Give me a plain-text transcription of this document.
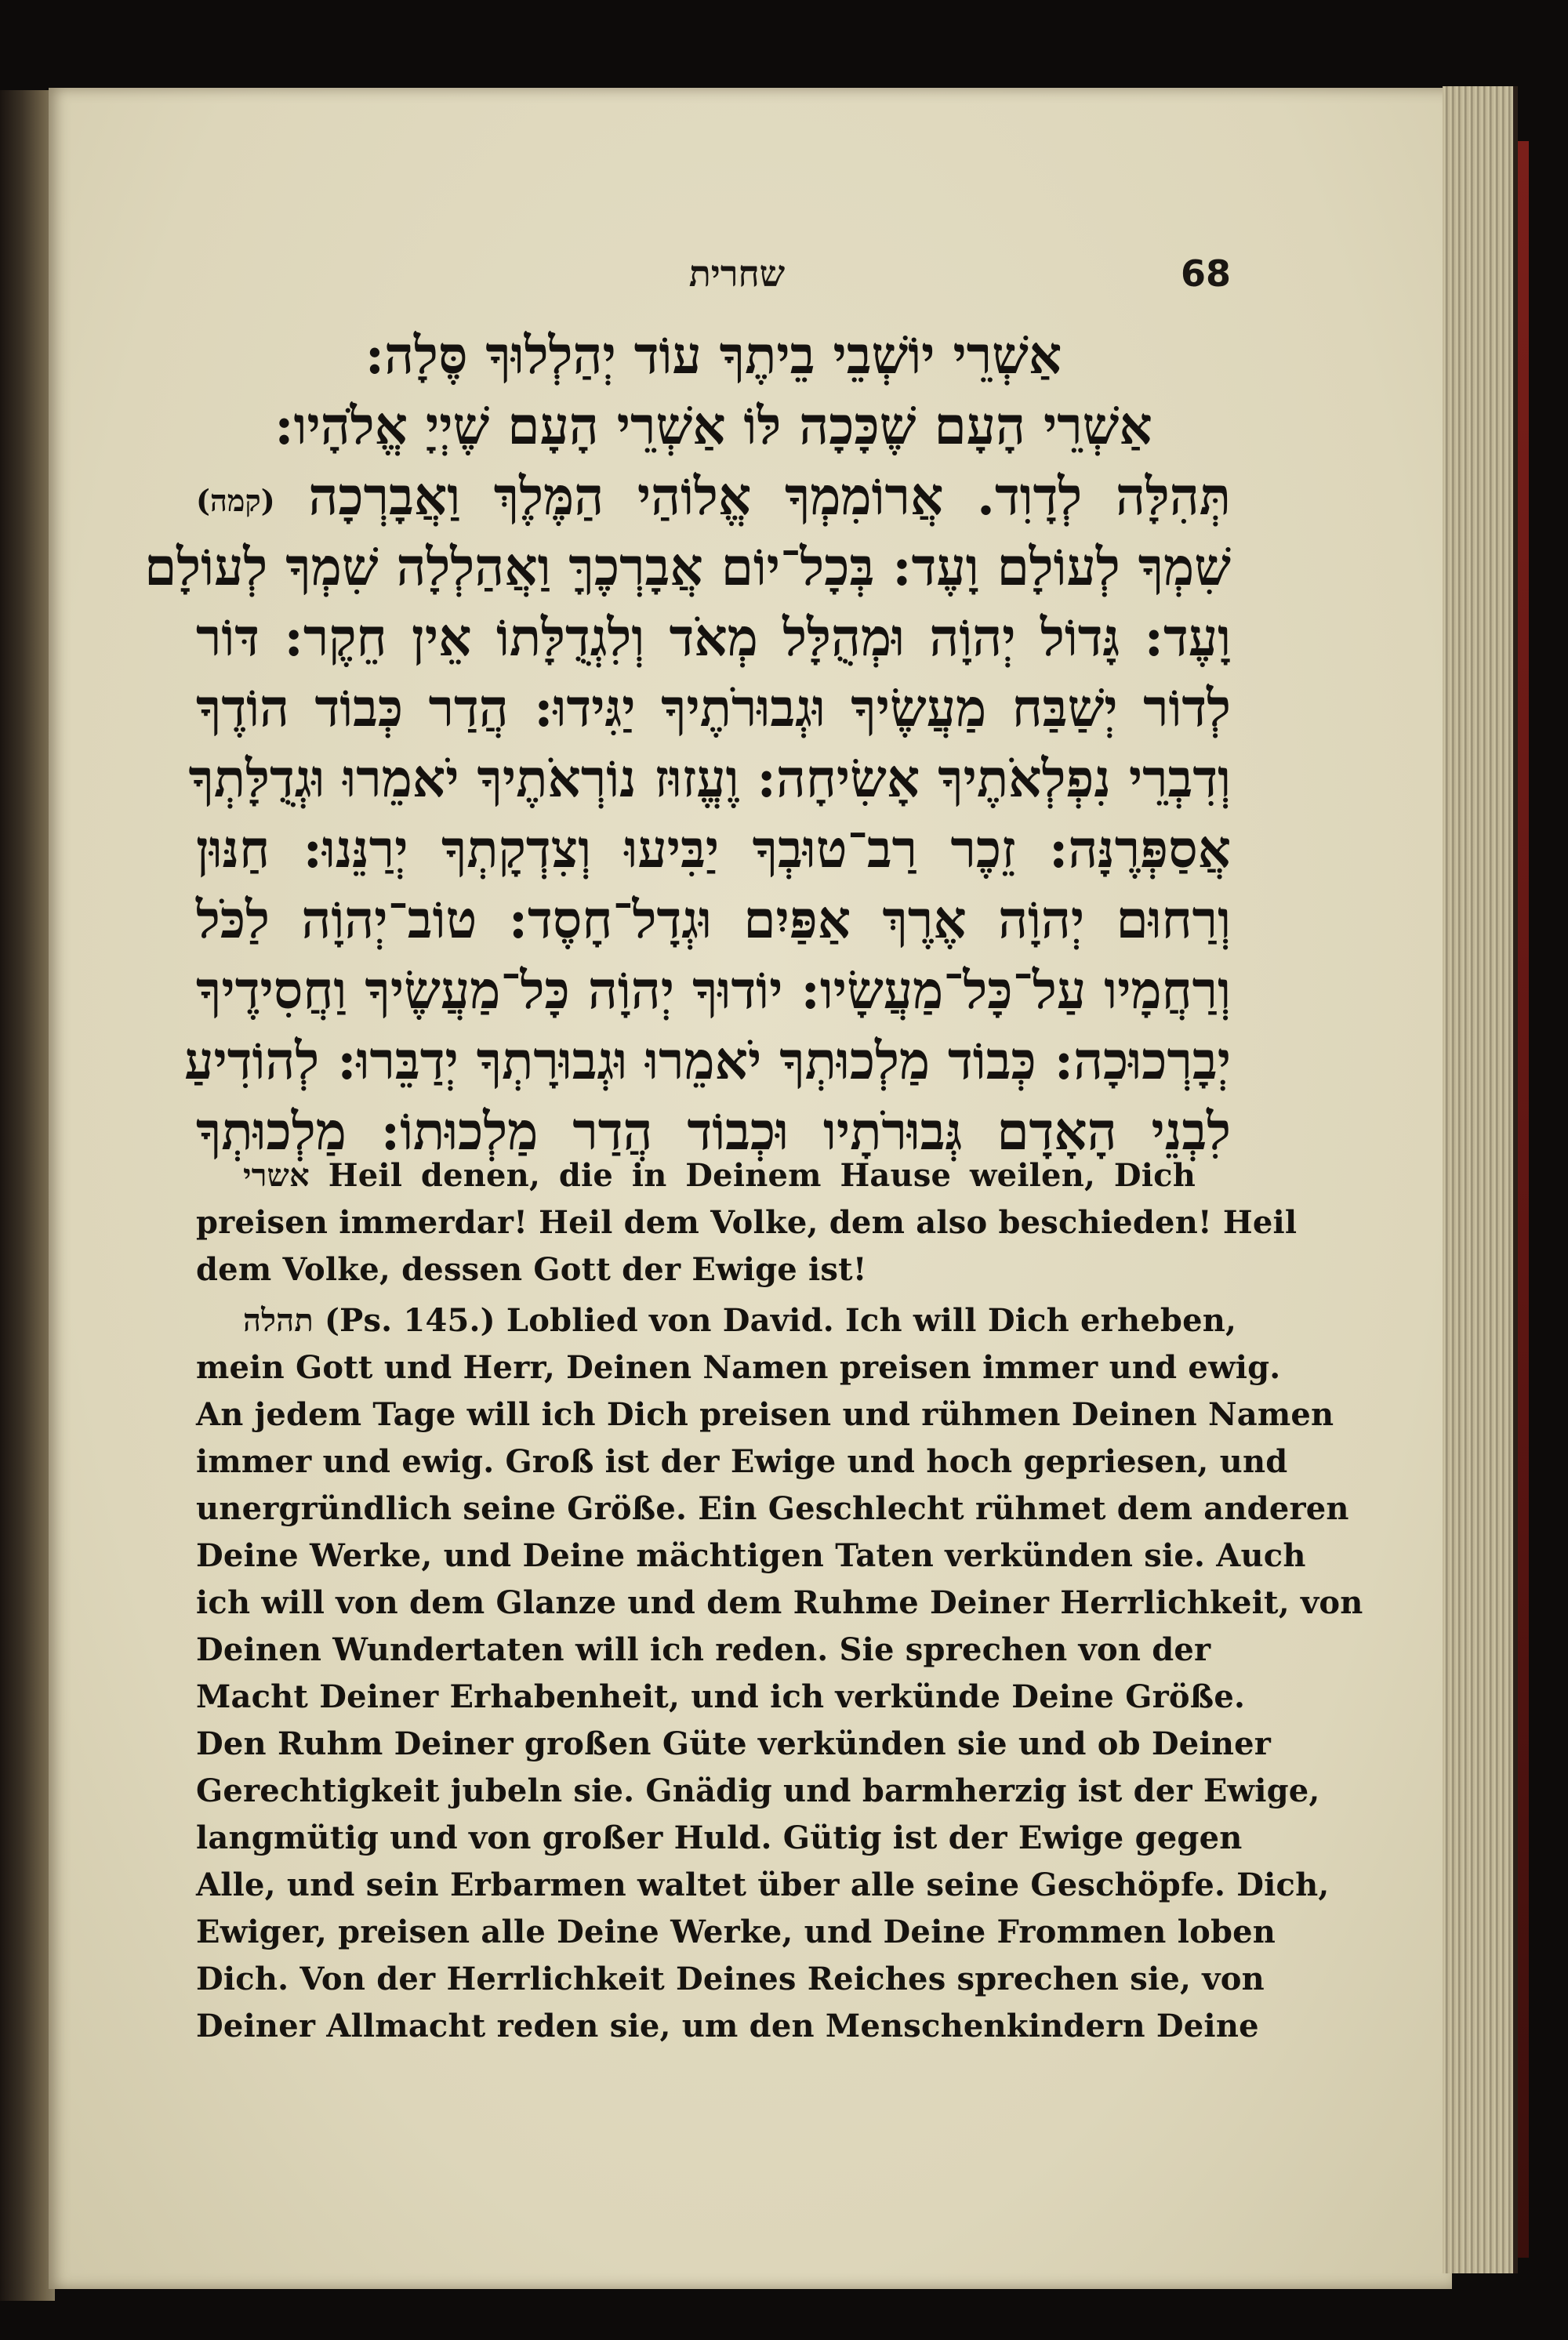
שחרית	68
אַשְׁרֵי יוֹשְׁבֵי בֵיתֶךָ עוֹד יְהַלְלוּךָ סֶּלָה:
אַשְׁרֵי הָעָם שֶׁכָּכָה לּוֹ אַשְׁרֵי הָעָם שֶׁיְיָ אֱלֹהָיו:
תְּהִלָּה לְדָוִד. אֲרוֹמִמְךָ אֱלוֹהַי הַמֶּלֶךְ וַאֲבָרְכָה (קמה)
שִׁמְךָ לְעוֹלָם וָעֶד: בְּכָל־יוֹם אֲבָרְכֶךָּ וַאֲהַלְלָה שִׁמְךָ לְעוֹלָם
וָעֶד: גָּדוֹל יְהוָֹה וּמְהֻלָּל מְאֹד וְלִגְדֻלָּתוֹ אֵין חֵקֶר: דּוֹר
לְדוֹר יְשַׁבַּח מַעֲשֶׂיךָ וּגְבוּרֹתֶיךָ יַגִּידוּ: הֲדַר כְּבוֹד הוֹדֶךָ
וְדִבְרֵי נִפְלְאֹתֶיךָ אָשִׂיחָה: וֶעֱזוּז נוֹרְאֹתֶיךָ יֹאמֵרוּ וּגְדֻלָּתְךָ
אֲסַפְּרֶנָּה: זֵכֶר רַב־טוּבְךָ יַבִּיעוּ וְצִדְקָתְךָ יְרַנֵּנוּ: חַנּוּן
וְרַחוּם יְהוָֹה אֶרֶךְ אַפַּיִם וּגְדָל־חָסֶד: טוֹב־יְהוָֹה לַכֹּל
וְרַחֲמָיו עַל־כָּל־מַעֲשָׂיו: יוֹדוּךָ יְהוָֹה כָּל־מַעֲשֶׂיךָ וַחֲסִידֶיךָ
יְבָרְכוּכָה: כְּבוֹד מַלְכוּתְךָ יֹאמֵרוּ וּגְבוּרָתְךָ יְדַבֵּרוּ: לְהוֹדִיעַ
לִבְנֵי הָאָדָם גְּבוּרֹתָיו וּכְבוֹד הֲדַר מַלְכוּתוֹ: מַלְכוּתְךָ
אשרי Heil denen, die in Deinem Hause weilen, Dich
preisen immerdar! Heil dem Volke, dem also beschieden! Heil
dem Volke, dessen Gott der Ewige ist!
תהלה (Ps. 145.) Loblied von David. Ich will Dich erheben,
mein Gott und Herr, Deinen Namen preisen immer und ewig.
An jedem Tage will ich Dich preisen und rühmen Deinen Namen
immer und ewig. Groß ist der Ewige und hoch gepriesen, und
unergründlich seine Größe. Ein Geschlecht rühmet dem anderen
Deine Werke, und Deine mächtigen Taten verkünden sie. Auch
ich will von dem Glanze und dem Ruhme Deiner Herrlichkeit, von
Deinen Wundertaten will ich reden. Sie sprechen von der
Macht Deiner Erhabenheit, und ich verkünde Deine Größe.
Den Ruhm Deiner großen Güte verkünden sie und ob Deiner
Gerechtigkeit jubeln sie. Gnädig und barmherzig ist der Ewige,
langmütig und von großer Huld. Gütig ist der Ewige gegen
Alle, und sein Erbarmen waltet über alle seine Geschöpfe. Dich,
Ewiger, preisen alle Deine Werke, und Deine Frommen loben
Dich. Von der Herrlichkeit Deines Reiches sprechen sie, von
Deiner Allmacht reden sie, um den Menschenkindern Deine
